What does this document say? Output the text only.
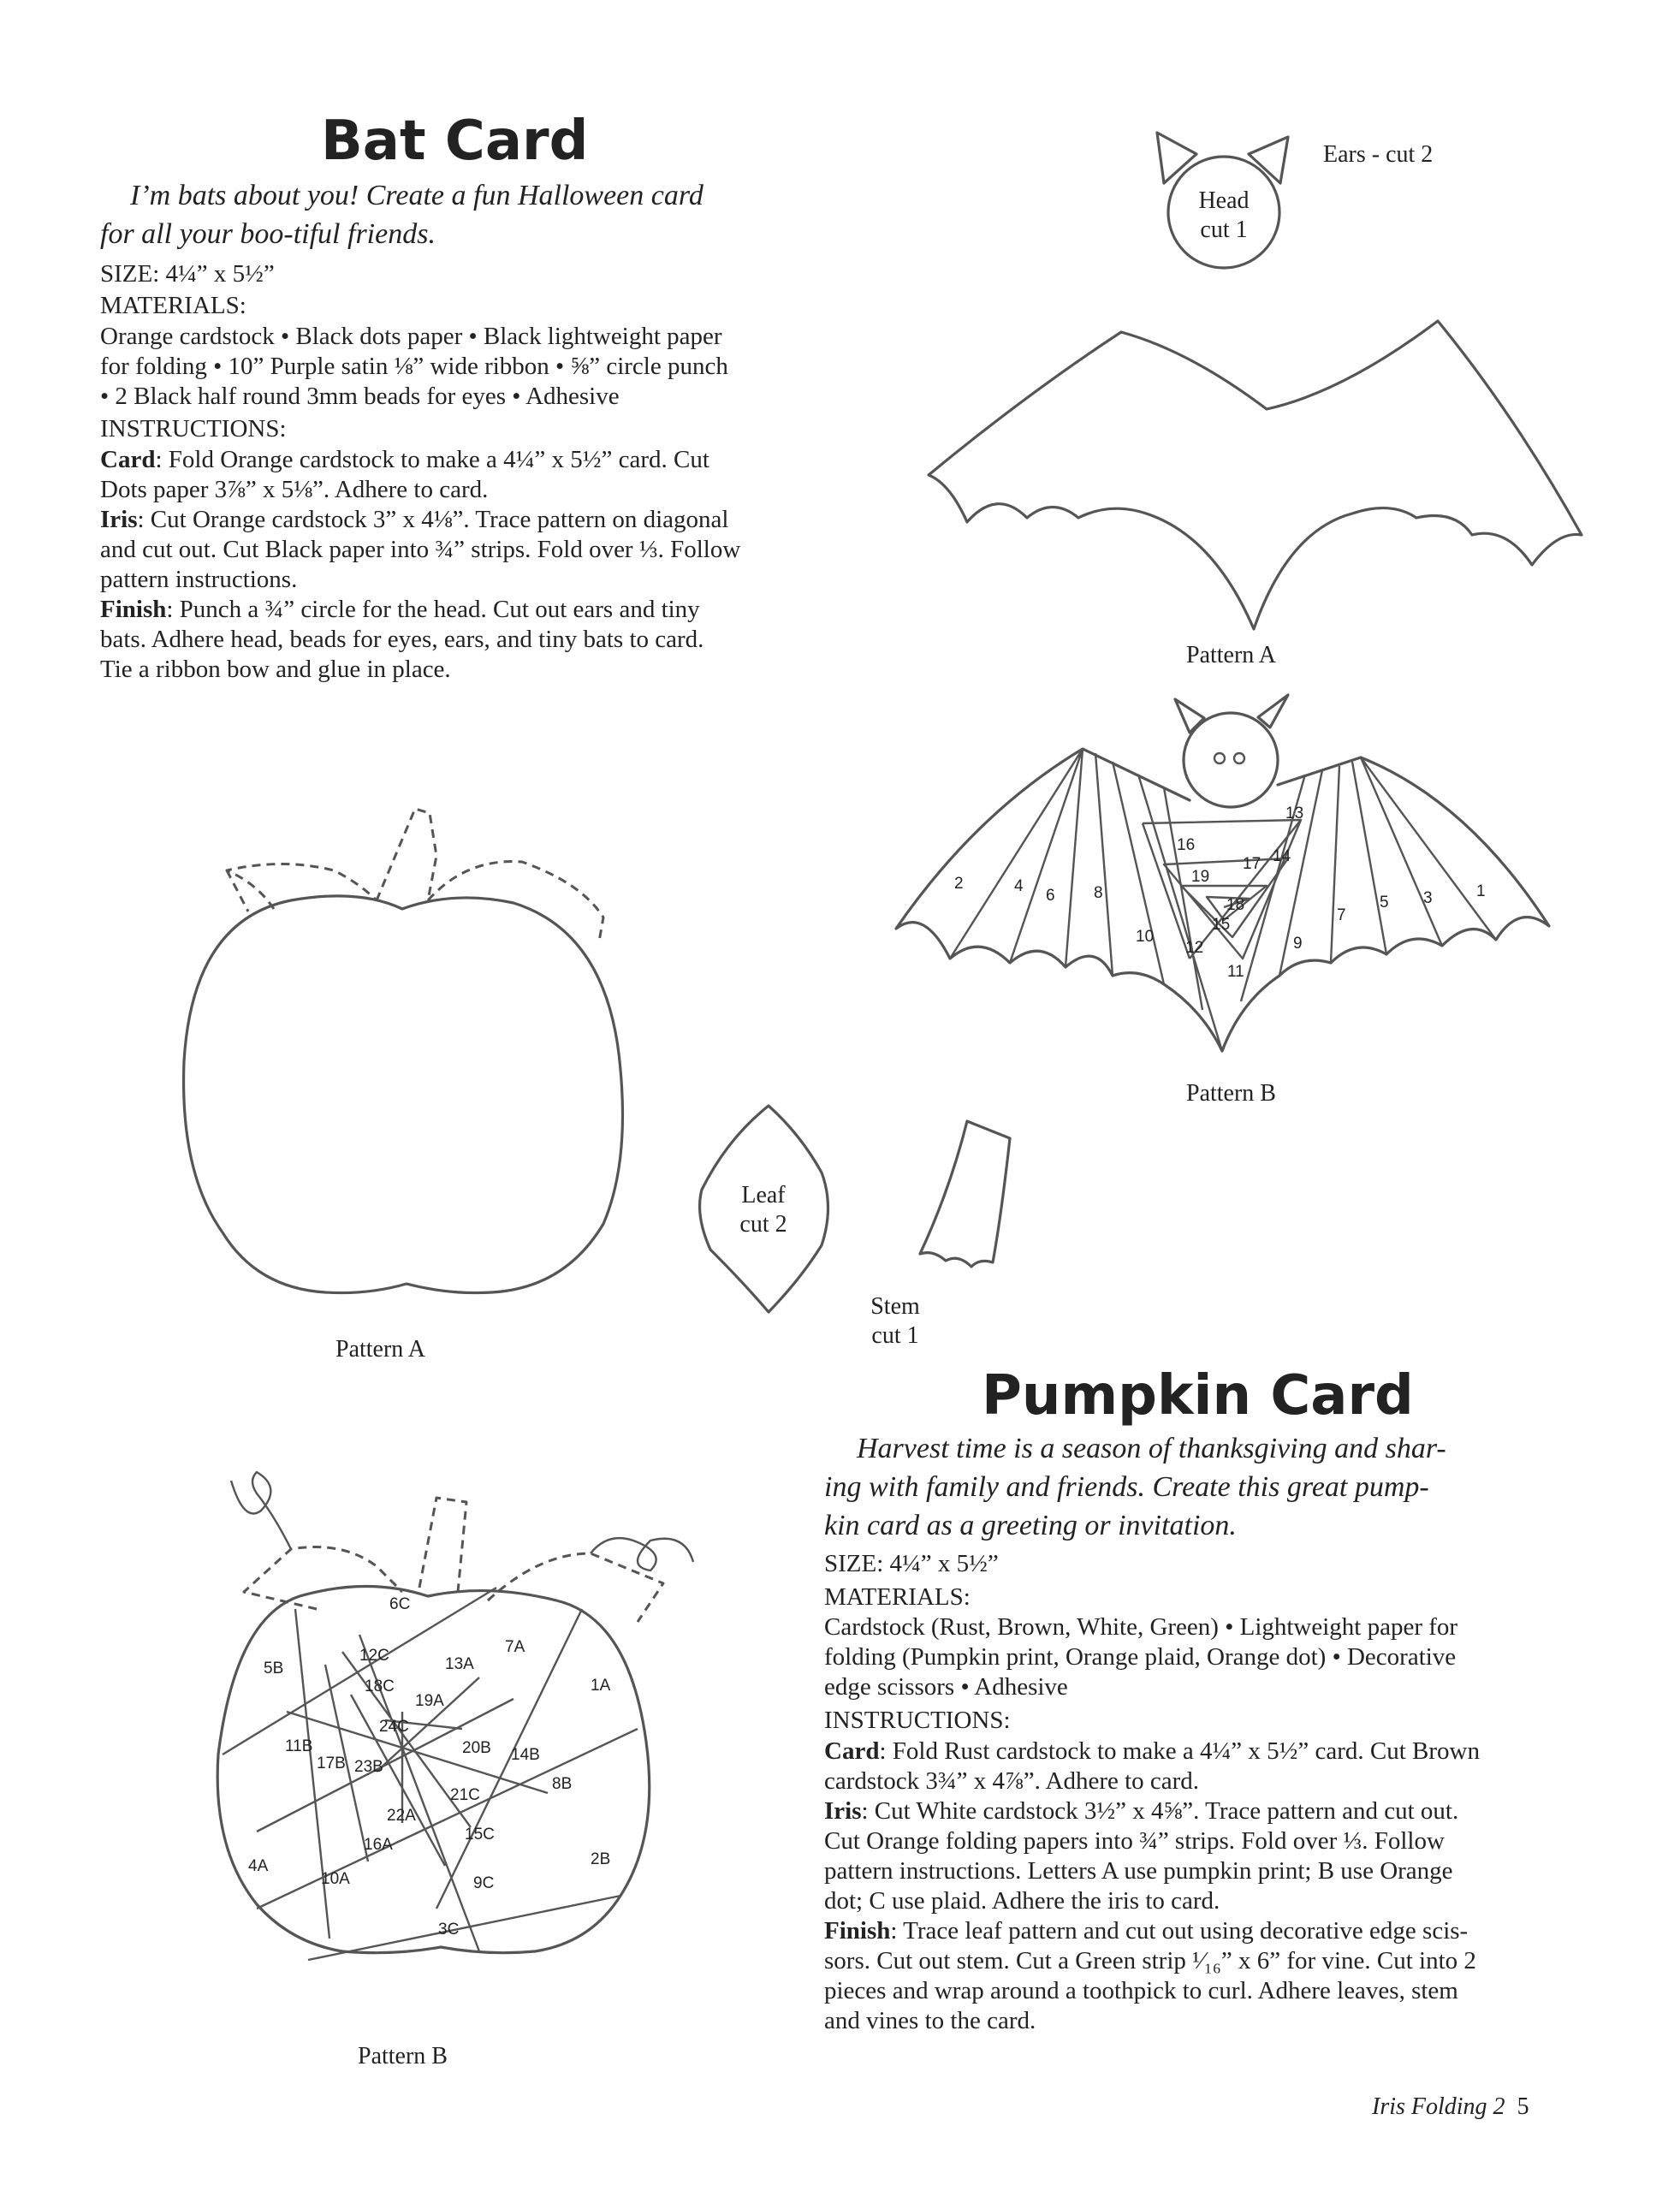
Bat Card
I’m bats about you! Create a fun Halloween card
for all your boo-tiful friends.
SIZE: 4¼” x 5½”
MATERIALS:
Orange cardstock • Black dots paper • Black lightweight paper
for folding • 10” Purple satin ⅛” wide ribbon • ⅝” circle punch
• 2 Black half round 3mm beads for eyes • Adhesive
INSTRUCTIONS:
Card: Fold Orange cardstock to make a 4¼” x 5½” card. Cut
Dots paper 3⅞” x 5⅛”. Adhere to card.
Iris: Cut Orange cardstock 3” x 4⅛”. Trace pattern on diagonal
and cut out. Cut Black paper into ¾” strips. Fold over ⅓. Follow
pattern instructions.
Finish: Punch a ¾” circle for the head. Cut out ears and tiny
bats. Adhere head, beads for eyes, ears, and tiny bats to card.
Tie a ribbon bow and glue in place.
1
2
3
4
5
6
7
8
9
10
11
12
13
14
15
16
17
18
19
6C
7A
1A
5B
12C	13A
18C
19A
24C
20B 14B
11B
17B 23B
21C
8B
22A
15C
16A
4A
10A	9C
2B
3C
Ears - cut 2
Head
cut 1
Pattern A
Pattern B
Pattern A
Leaf
cut 2
Stem
cut 1
Pattern B
Pumpkin Card
Harvest time is a season of thanksgiving and shar-
ing with family and friends. Create this great pump-
kin card as a greeting or invitation.
SIZE: 4¼” x 5½”
MATERIALS:
Cardstock (Rust, Brown, White, Green) • Lightweight paper for
folding (Pumpkin print, Orange plaid, Orange dot) • Decorative
edge scissors • Adhesive
INSTRUCTIONS:
Card: Fold Rust cardstock to make a 4¼” x 5½” card. Cut Brown
cardstock 3¾” x 4⅞”. Adhere to card.
Iris: Cut White cardstock 3½” x 4⅝”. Trace pattern and cut out.
Cut Orange folding papers into ¾” strips. Fold over ⅓. Follow
pattern instructions. Letters A use pumpkin print; B use Orange
dot; C use plaid. Adhere the iris to card.
Finish: Trace leaf pattern and cut out using decorative edge scis-
sors. Cut out stem. Cut a Green strip ¹⁄₁₆” x 6” for vine. Cut into 2
pieces and wrap around a toothpick to curl. Adhere leaves, stem
and vines to the card.
Iris Folding 2 5
